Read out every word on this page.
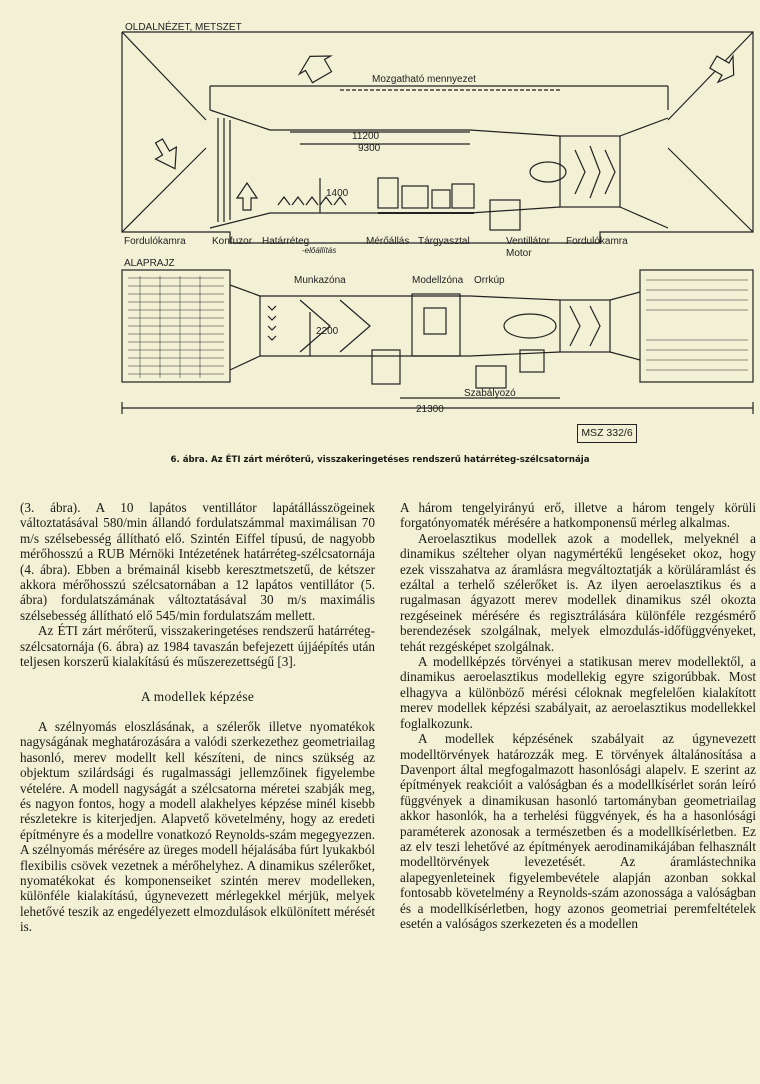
OLDALNÉZET, METSZET
Mozgatható mennyezet
11200
9300
1400
Fordulókamra	Konfuzor Határréteg
-előállítás
Mérőállás Tárgyasztal	Ventillátor Fordulókamra
Motor
ALAPRAJZ
Munkazóna	Modellzóna Orrkúp
2200
Szabályozó
21300
MSZ 332/6
6. ábra. Az ÉTI zárt mérőterű, visszakeringetéses rendszerű határréteg-szélcsatornája

(3. ábra). A 10 lapátos ventillátor lapátállásszögeinek változtatásával 580/min állandó fordulatszámmal maximálisan 70 m/s szélsebesség állítható elő. Szintén Eiffel típusú, de nagyobb mérőhosszú a RUB Mérnöki Intézetének határréteg-szélcsatornája (4. ábra). Ebben a brémainál kisebb keresztmetszetű, de kétszer akkora mérőhosszú szélcsatornában a 12 lapátos ventillátor (5. ábra) fordulatszámának változtatásával 30 m/s maximális szélsebesség állítható elő 545/min fordulatszám mellett.

Az ÉTI zárt mérőterű, visszakeringetéses rendszerű határréteg-szélcsatornája (6. ábra) az 1984 tavaszán befejezett újjáépítés után teljesen korszerű kialakítású és műszerezettségű [3].

A modellek képzése

A szélnyomás eloszlásának, a szélerők illetve nyomatékok nagyságának meghatározására a valódi szerkezethez geometriailag hasonló, merev modellt kell készíteni, de nincs szükség az objektum szilárdsági és rugalmassági jellemzőinek figyelembe vételére. A modell nagyságát a szélcsatorna méretei szabják meg, és nagyon fontos, hogy a modell alakhelyes képzése minél kisebb részletekre is kiterjedjen. Alapvető követelmény, hogy az eredeti építményre és a modellre vonatkozó Reynolds-szám megegyezzen. A szélnyomás mérésére az üreges modell héjalásába fúrt lyukakból flexibilis csövek vezetnek a mérőhelyhez. A dinamikus szélerőket, nyomatékokat és komponenseiket szintén merev modelleken, különféle kialakítású, úgynevezett mérlegekkel mérjük, melyek lehetővé teszik az engedélyezett elmozdulások elkülönített mérését is.

A három tengelyirányú erő, illetve a három tengely körüli forgatónyomaték mérésére a hatkomponensű mérleg alkalmas.

Aeroelasztikus modellek azok a modellek, melyeknél a dinamikus szélteher olyan nagymértékű lengéseket okoz, hogy ezek visszahatva az áramlásra megváltoztatják a körüláramlást és ezáltal a terhelő szélerőket is. Az ilyen aeroelasztikus és a rugalmasan ágyazott merev modellek dinamikus szél okozta rezgéseinek mérésére és regisztrálására különféle rezgésmérő berendezések szolgálnak, melyek elmozdulás-időfüggvényeket, tehát rezgésképet szolgálnak.

A modellképzés törvényei a statikusan merev modellektől, a dinamikus aeroelasztikus modellekig egyre szigorúbbak. Most elhagyva a különböző mérési céloknak megfelelően kialakított merev modellek képzési szabályait, az aeroelasztikus modellekkel foglalkozunk.

A modellek képzésének szabályait az úgynevezett modelltörvények határozzák meg. E törvények általánosítása a Davenport által megfogalmazott hasonlósági alapelv. E szerint az építmények reakcióit a valóságban és a modellkísérlet során leíró függvények a dinamikusan hasonló tartományban geometriailag akkor hasonlók, ha a terhelési függvények, és ha a hasonlósági paraméterek azonosak a természetben és a modellkísérletben. Ez az elv teszi lehetővé az építmények aerodinamikájában felhasznált modelltörvények levezetését. Az áramlástechnika alapegyenleteinek figyelembevétele alapján azonban sokkal fontosabb követelmény a Reynolds-szám azonossága a valóságban és a modellkísérletben, hogy azonos geometriai peremfeltételek esetén a valóságos szerkezeten és a modellen
